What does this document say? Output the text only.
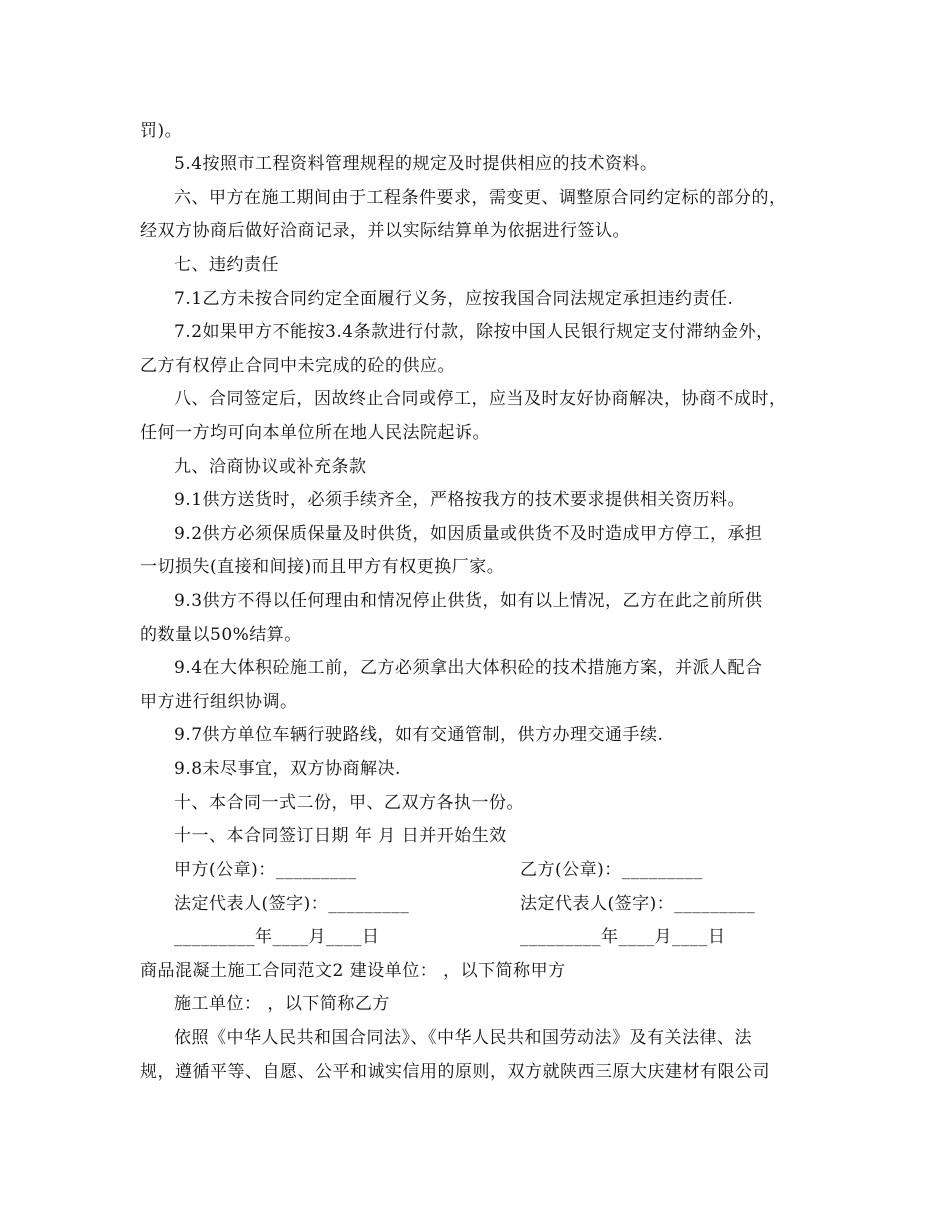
罚)。
5.4按照市工程资料管理规程的规定及时提供相应的技术资料。
六、甲方在施工期间由于工程条件要求，需变更、调整原合同约定标的部分的，
经双方协商后做好洽商记录，并以实际结算单为依据进行签认。
七、违约责任
7.1乙方未按合同约定全面履行义务，应按我国合同法规定承担违约责任.
7.2如果甲方不能按3.4条款进行付款，除按中国人民银行规定支付滞纳金外，
乙方有权停止合同中未完成的砼的供应。
八、合同签定后，因故终止合同或停工，应当及时友好协商解决，协商不成时，
任何一方均可向本单位所在地人民法院起诉。
九、洽商协议或补充条款
9.1供方送货时，必须手续齐全，严格按我方的技术要求提供相关资历料。
9.2供方必须保质保量及时供货，如因质量或供货不及时造成甲方停工，承担
一切损失(直接和间接)而且甲方有权更换厂家。
9.3供方不得以任何理由和情况停止供货，如有以上情况，乙方在此之前所供
的数量以50%结算。
9.4在大体积砼施工前，乙方必须拿出大体积砼的技术措施方案，并派人配合
甲方进行组织协调。
9.7供方单位车辆行驶路线，如有交通管制，供方办理交通手续.
9.8未尽事宜，双方协商解决.
十、本合同一式二份，甲、乙双方各执一份。
十一、本合同签订日期 年 月 日并开始生效
甲方(公章)：_________	乙方(公章)：_________
法定代表人(签字)：_________	法定代表人(签字)：_________
_________年____月____日	_________年____月____日
商品混凝土施工合同范文2 建设单位： ，以下简称甲方
施工单位： ，以下简称乙方
依照《中华人民共和国合同法》、《中华人民共和国劳动法》及有关法律、法
规，遵循平等、自愿、公平和诚实信用的原则，双方就陕西三原大庆建材有限公司
